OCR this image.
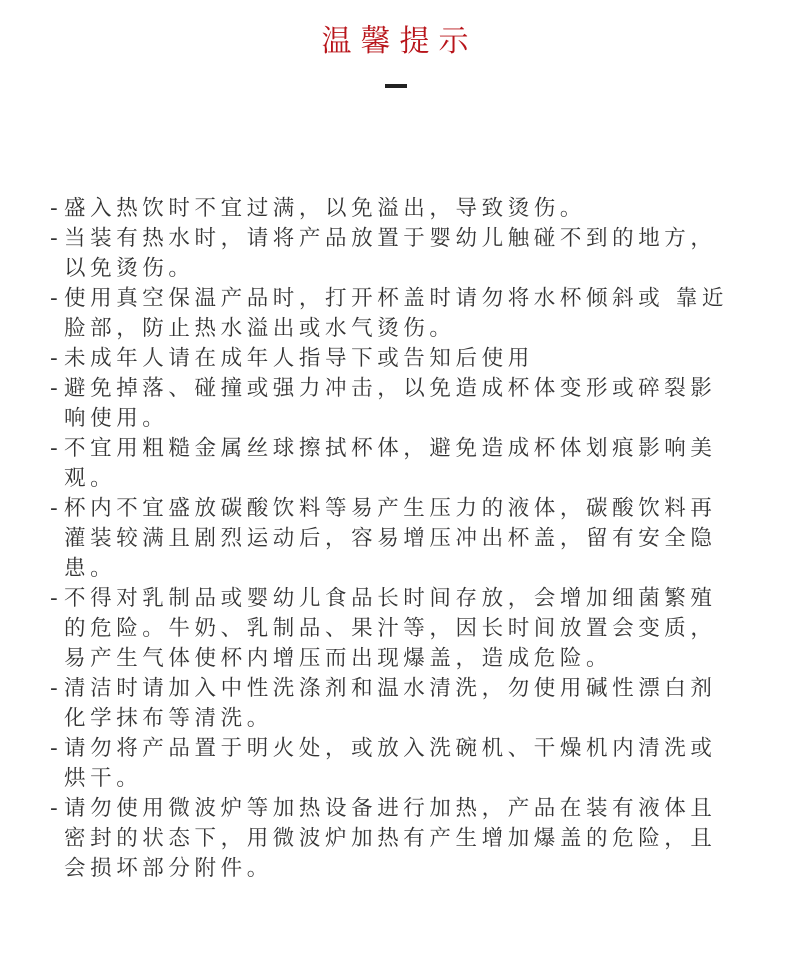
温馨提示
- 盛入热饮时不宜过满，以免溢出，导致烫伤。
- 当装有热水时，请将产品放置于婴幼儿触碰不到的地方，以免烫伤。
- 使用真空保温产品时，打开杯盖时请勿将水杯倾斜或 靠近脸部，防止热水溢出或水气烫伤。
- 未成年人请在成年人指导下或告知后使用
- 避免掉落、碰撞或强力冲击，以免造成杯体变形或碎裂影响使用。
- 不宜用粗糙金属丝球擦拭杯体，避免造成杯体划痕影响美观。
- 杯内不宜盛放碳酸饮料等易产生压力的液体，碳酸饮料再灌装较满且剧烈运动后，容易增压冲出杯盖，留有安全隐患。
- 不得对乳制品或婴幼儿食品长时间存放，会增加细菌繁殖的危险。牛奶、乳制品、果汁等，因长时间放置会变质，易产生气体使杯内增压而出现爆盖，造成危险。
- 清洁时请加入中性洗涤剂和温水清洗，勿使用碱性漂白剂化学抹布等清洗。
- 请勿将产品置于明火处，或放入洗碗机、干燥机内清洗或烘干。
- 请勿使用微波炉等加热设备进行加热，产品在装有液体且密封的状态下，用微波炉加热有产生增加爆盖的危险，且会损坏部分附件。
